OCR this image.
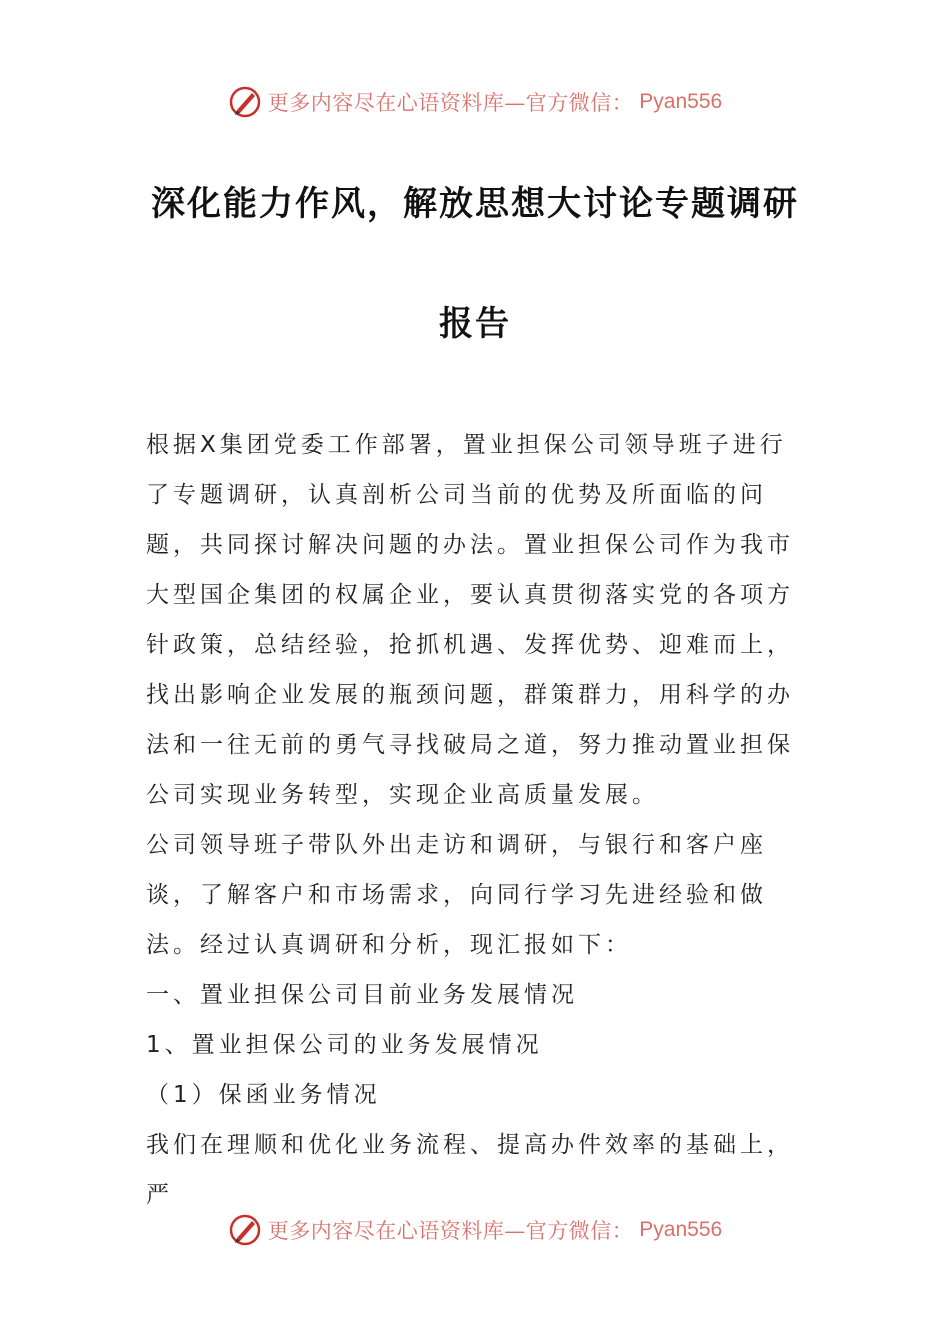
更多内容尽在心语资料库—官方微信： Pyan556
深化能力作风，解放思想大讨论专题调研
报告

根据X集团党委工作部署，置业担保公司领导班子进行了专题调研，认真剖析公司当前的优势及所面临的问题，共同探讨解决问题的办法。置业担保公司作为我市大型国企集团的权属企业，要认真贯彻落实党的各项方针政策，总结经验，抢抓机遇、发挥优势、迎难而上，找出影响企业发展的瓶颈问题，群策群力，用科学的办法和一往无前的勇气寻找破局之道，努力推动置业担保公司实现业务转型，实现企业高质量发展。

公司领导班子带队外出走访和调研，与银行和客户座谈，了解客户和市场需求，向同行学习先进经验和做法。经过认真调研和分析，现汇报如下：

一、置业担保公司目前业务发展情况

1、置业担保公司的业务发展情况

（1）保函业务情况

我们在理顺和优化业务流程、提高办件效率的基础上，严

更多内容尽在心语资料库—官方微信： Pyan556
